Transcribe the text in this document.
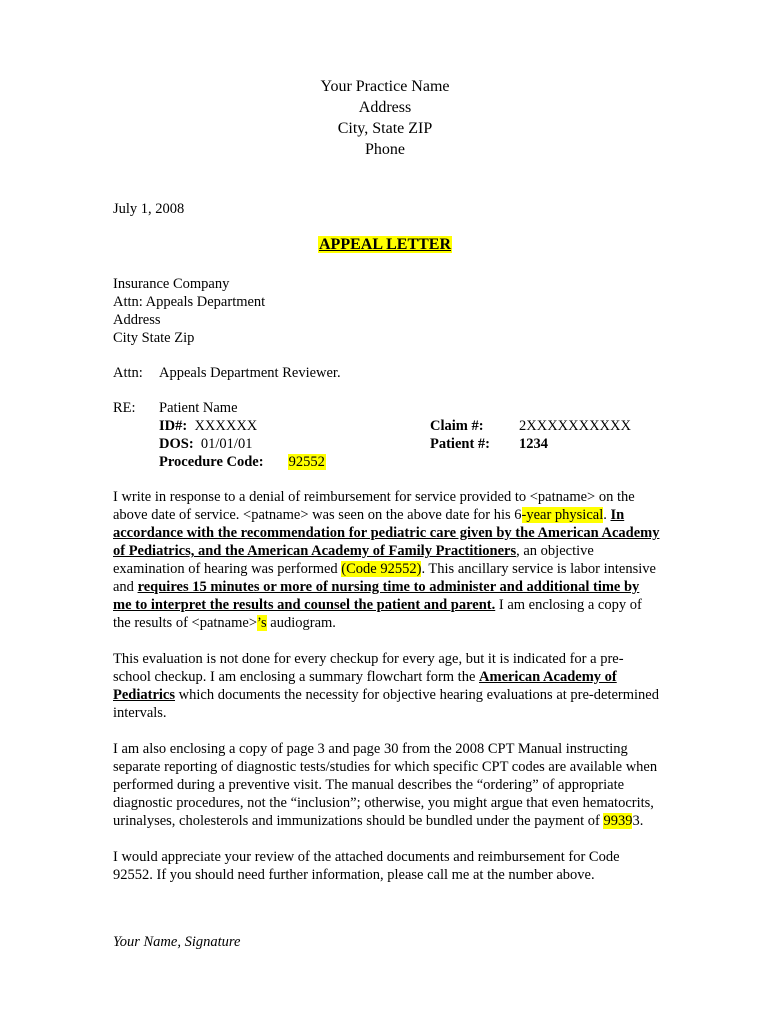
Your Practice Name
Address
City, State ZIP
Phone
July 1, 2008
APPEAL LETTER
Insurance Company
Attn: Appeals Department
Address
City State Zip
Attn: Appeals Department Reviewer.
RE: Patient Name
ID#: XXXXXX
DOS: 01/01/01
Procedure Code: 92552
Claim #:
Patient #:
2XXXXXXXXXX
1234

I write in response to a denial of reimbursement for service provided to <patname> on the above date of service. <patname> was seen on the above date for his 6-year physical. In accordance with the recommendation for pediatric care given by the American Academy of Pediatrics, and the American Academy of Family Practitioners, an objective examination of hearing was performed (Code 92552). This ancillary service is labor intensive and requires 15 minutes or more of nursing time to administer and additional time by me to interpret the results and counsel the patient and parent. I am enclosing a copy of the results of <patname>’s audiogram.

This evaluation is not done for every checkup for every age, but it is indicated for a pre-school checkup. I am enclosing a summary flowchart form the American Academy of Pediatrics which documents the necessity for objective hearing evaluations at pre-determined intervals.

I am also enclosing a copy of page 3 and page 30 from the 2008 CPT Manual instructing separate reporting of diagnostic tests/studies for which specific CPT codes are available when performed during a preventive visit. The manual describes the “ordering” of appropriate diagnostic procedures, not the “inclusion”; otherwise, you might argue that even hematocrits, urinalyses, cholesterols and immunizations should be bundled under the payment of 99393.

I would appreciate your review of the attached documents and reimbursement for Code 92552. If you should need further information, please call me at the number above.

Your Name, Signature
